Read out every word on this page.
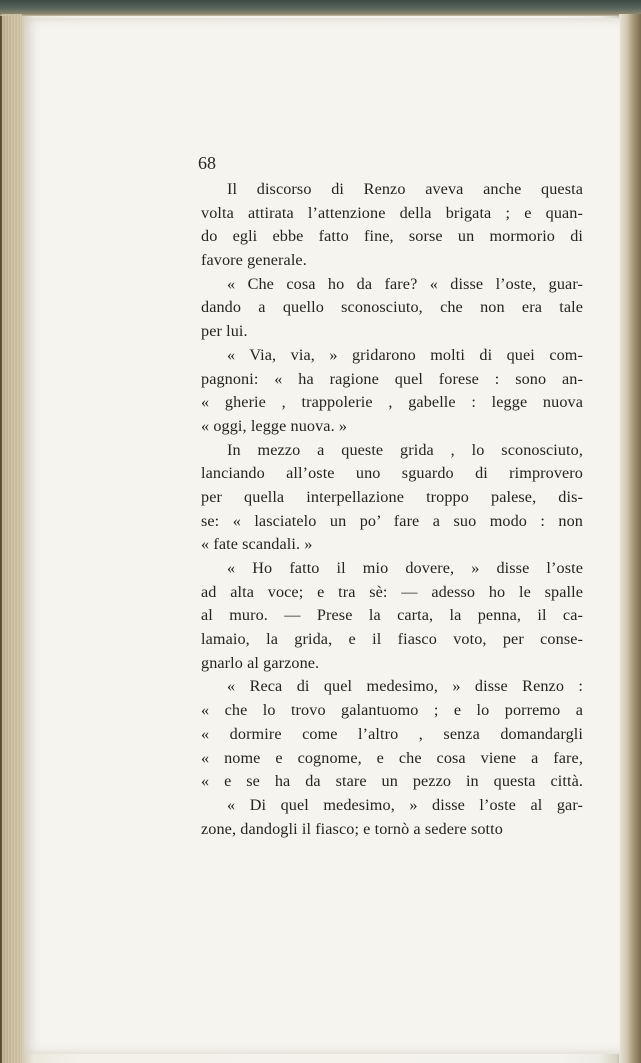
68

Il discorso di Renzo aveva anche questa
volta attirata l’attenzione della brigata ; e quan-
do egli ebbe fatto fine, sorse un mormorio di
favore generale.
« Che cosa ho da fare? « disse l’oste, guar-
dando a quello sconosciuto, che non era tale
per lui.
« Via, via, » gridarono molti di quei com-
pagnoni: « ha ragione quel forese : sono an-
« gherie , trappolerie , gabelle : legge nuova
« oggi, legge nuova. »
In mezzo a queste grida , lo sconosciuto,
lanciando all’oste uno sguardo di rimprovero
per quella interpellazione troppo palese, dis-
se: « lasciatelo un po’ fare a suo modo : non
« fate scandali. »
« Ho fatto il mio dovere, » disse l’oste
ad alta voce; e tra sè: — adesso ho le spalle
al muro. — Prese la carta, la penna, il ca-
lamaio, la grida, e il fiasco voto, per conse-
gnarlo al garzone.
« Reca di quel medesimo, » disse Renzo :
« che lo trovo galantuomo ; e lo porremo a
« dormire come l’altro , senza domandargli
« nome e cognome, e che cosa viene a fare,
« e se ha da stare un pezzo in questa città.
« Di quel medesimo, » disse l’oste al gar-
zone, dandogli il fiasco; e tornò a sedere sotto
